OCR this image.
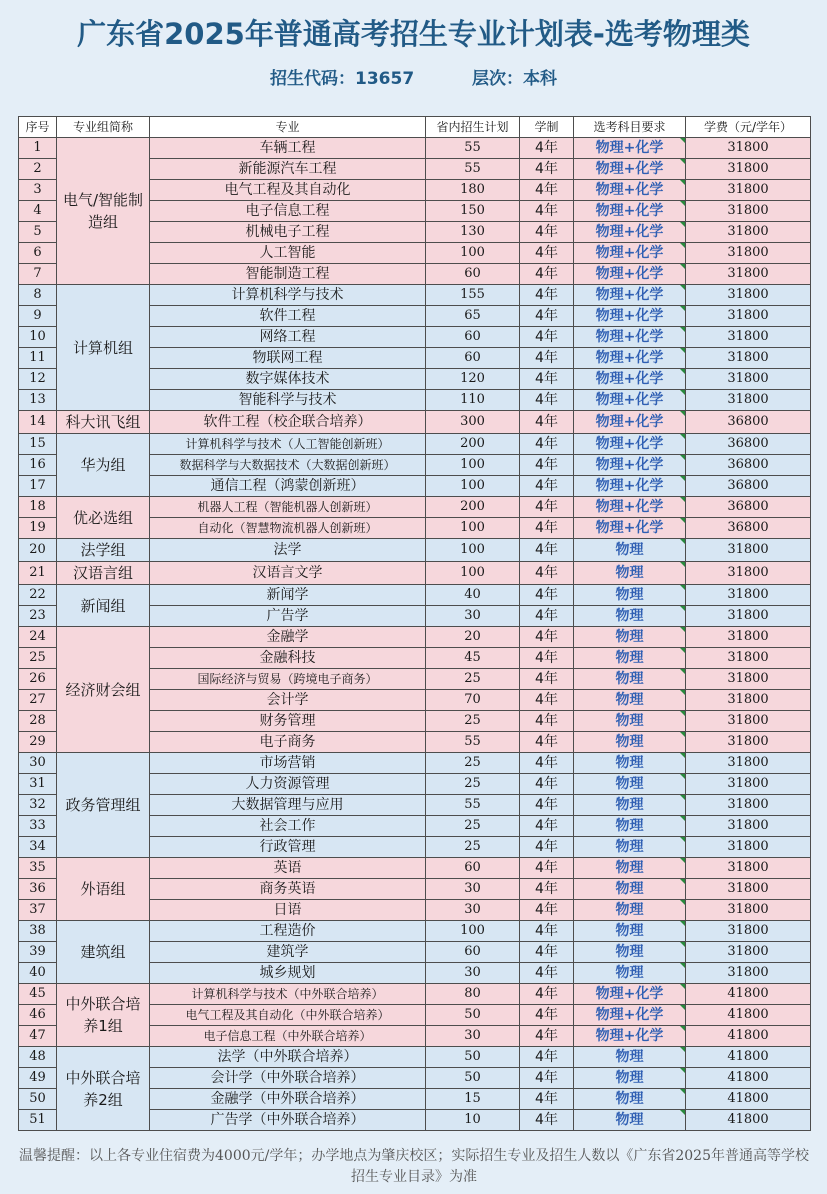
广东省2025年普通高考招生专业计划表-选考物理类
招生代码：13657	层次：本科
序号	专业组简称	专业	省内招生计划	学制	选考科目要求	学费（元/学年）
1	电气/智能制造组	车辆工程	55	4年	物理+化学	31800
2		新能源汽车工程	55	4年	物理+化学	31800
3		电气工程及其自动化	180	4年	物理+化学	31800
4		电子信息工程	150	4年	物理+化学	31800
5		机械电子工程	130	4年	物理+化学	31800
6		人工智能	100	4年	物理+化学	31800
7		智能制造工程	60	4年	物理+化学	31800
8	计算机组	计算机科学与技术	155	4年	物理+化学	31800
9		软件工程	65	4年	物理+化学	31800
10		网络工程	60	4年	物理+化学	31800
11		物联网工程	60	4年	物理+化学	31800
12		数字媒体技术	120	4年	物理+化学	31800
13		智能科学与技术	110	4年	物理+化学	31800
14	科大讯飞组	软件工程（校企联合培养）	300	4年	物理+化学	36800
15	华为组	计算机科学与技术（人工智能创新班）	200	4年	物理+化学	36800
16		数据科学与大数据技术（大数据创新班）	100	4年	物理+化学	36800
17		通信工程（鸿蒙创新班）	100	4年	物理+化学	36800
18	优必选组	机器人工程（智能机器人创新班）	200	4年	物理+化学	36800
19		自动化（智慧物流机器人创新班）	100	4年	物理+化学	36800
20	法学组	法学	100	4年	物理	31800
21	汉语言组	汉语言文学	100	4年	物理	31800
22	新闻组	新闻学	40	4年	物理	31800
23		广告学	30	4年	物理	31800
24	经济财会组	金融学	20	4年	物理	31800
25		金融科技	45	4年	物理	31800
26		国际经济与贸易（跨境电子商务）	25	4年	物理	31800
27		会计学	70	4年	物理	31800
28		财务管理	25	4年	物理	31800
29		电子商务	55	4年	物理	31800
30	政务管理组	市场营销	25	4年	物理	31800
31		人力资源管理	25	4年	物理	31800
32		大数据管理与应用	55	4年	物理	31800
33		社会工作	25	4年	物理	31800
34		行政管理	25	4年	物理	31800
35	外语组	英语	60	4年	物理	31800
36		商务英语	30	4年	物理	31800
37		日语	30	4年	物理	31800
38	建筑组	工程造价	100	4年	物理	31800
39		建筑学	60	4年	物理	31800
40		城乡规划	30	4年	物理	31800
45	中外联合培养1组	计算机科学与技术（中外联合培养）	80	4年	物理+化学	41800
46		电气工程及其自动化（中外联合培养）	50	4年	物理+化学	41800
47		电子信息工程（中外联合培养）	30	4年	物理+化学	41800
48	中外联合培养2组	法学（中外联合培养）	50	4年	物理	41800
49		会计学（中外联合培养）	50	4年	物理	41800
50		金融学（中外联合培养）	15	4年	物理	41800
51		广告学（中外联合培养）	10	4年	物理	41800
温馨提醒：以上各专业住宿费为4000元/学年；办学地点为肇庆校区；实际招生专业及招生人数以《广东省2025年普通高等学校招生专业目录》为准
